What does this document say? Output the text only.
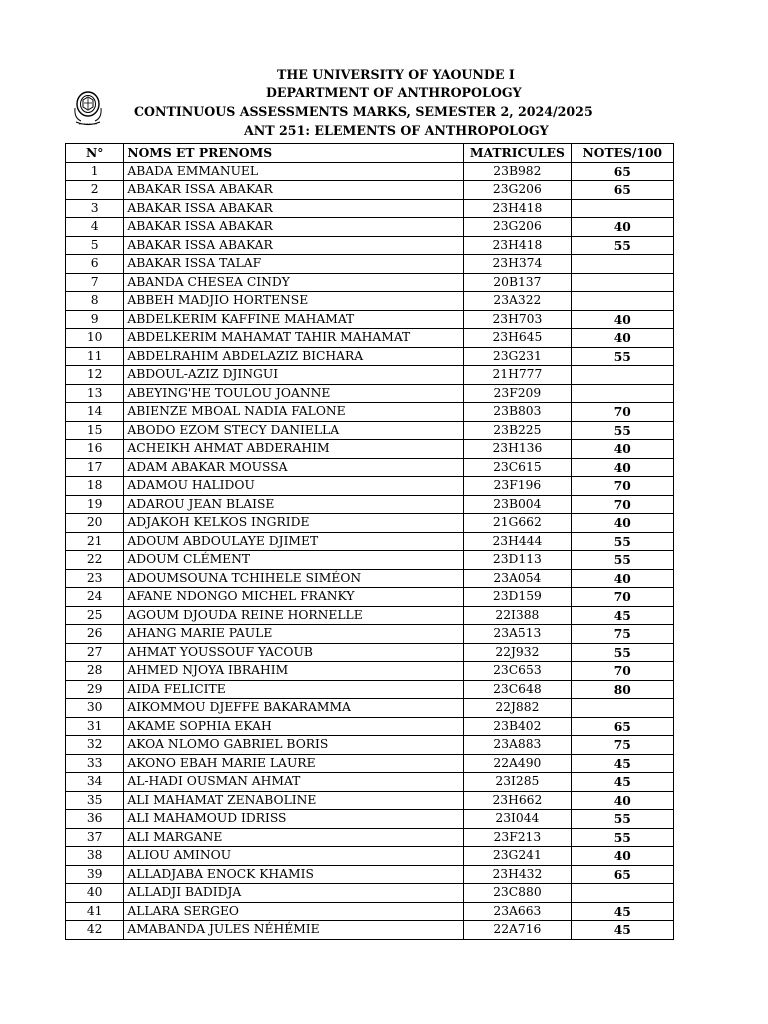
THE UNIVERSITY OF YAOUNDE I
DEPARTMENT OF ANTHROPOLOGY
CONTINUOUS ASSESSMENTS MARKS, SEMESTER 2, 2024/2025
ANT 251: ELEMENTS OF ANTHROPOLOGY
N°	NOMS ET PRENOMS	MATRICULES	NOTES/100
1	ABADA EMMANUEL	23B982	65
2	ABAKAR ISSA ABAKAR	23G206	65
3	ABAKAR ISSA ABAKAR	23H418	
4	ABAKAR ISSA ABAKAR	23G206	40
5	ABAKAR ISSA ABAKAR	23H418	55
6	ABAKAR ISSA TALAF	23H374	
7	ABANDA CHESEA CINDY	20B137	
8	ABBEH MADJIO HORTENSE	23A322	
9	ABDELKERIM KAFFINE MAHAMAT	23H703	40
10	ABDELKERIM MAHAMAT TAHIR MAHAMAT	23H645	40
11	ABDELRAHIM ABDELAZIZ BICHARA	23G231	55
12	ABDOUL-AZIZ DJINGUI	21H777	
13	ABEYING'HE TOULOU JOANNE	23F209	
14	ABIENZE MBOAL NADIA FALONE	23B803	70
15	ABODO EZOM STECY DANIELLA	23B225	55
16	ACHEIKH AHMAT ABDERAHIM	23H136	40
17	ADAM ABAKAR MOUSSA	23C615	40
18	ADAMOU HALIDOU	23F196	70
19	ADAROU JEAN BLAISE	23B004	70
20	ADJAKOH KELKOS INGRIDE	21G662	40
21	ADOUM ABDOULAYE DJIMET	23H444	55
22	ADOUM CLÉMENT	23D113	55
23	ADOUMSOUNA TCHIHELE SIMÉON	23A054	40
24	AFANE NDONGO MICHEL FRANKY	23D159	70
25	AGOUM DJOUDA REINE HORNELLE	22I388	45
26	AHANG MARIE PAULE	23A513	75
27	AHMAT YOUSSOUF YACOUB	22J932	55
28	AHMED NJOYA IBRAHIM	23C653	70
29	AIDA FELICITE	23C648	80
30	AIKOMMOU DJEFFE BAKARAMMA	22J882	
31	AKAME SOPHIA EKAH	23B402	65
32	AKOA NLOMO GABRIEL BORIS	23A883	75
33	AKONO EBAH MARIE LAURE	22A490	45
34	AL-HADI OUSMAN AHMAT	23I285	45
35	ALI MAHAMAT ZENABOLINE	23H662	40
36	ALI MAHAMOUD IDRISS	23I044	55
37	ALI MARGANE	23F213	55
38	ALIOU AMINOU	23G241	40
39	ALLADJABA ENOCK KHAMIS	23H432	65
40	ALLADJI BADIDJA	23C880	
41	ALLARA SERGEO	23A663	45
42	AMABANDA JULES NÉHÉMIE	22A716	45
